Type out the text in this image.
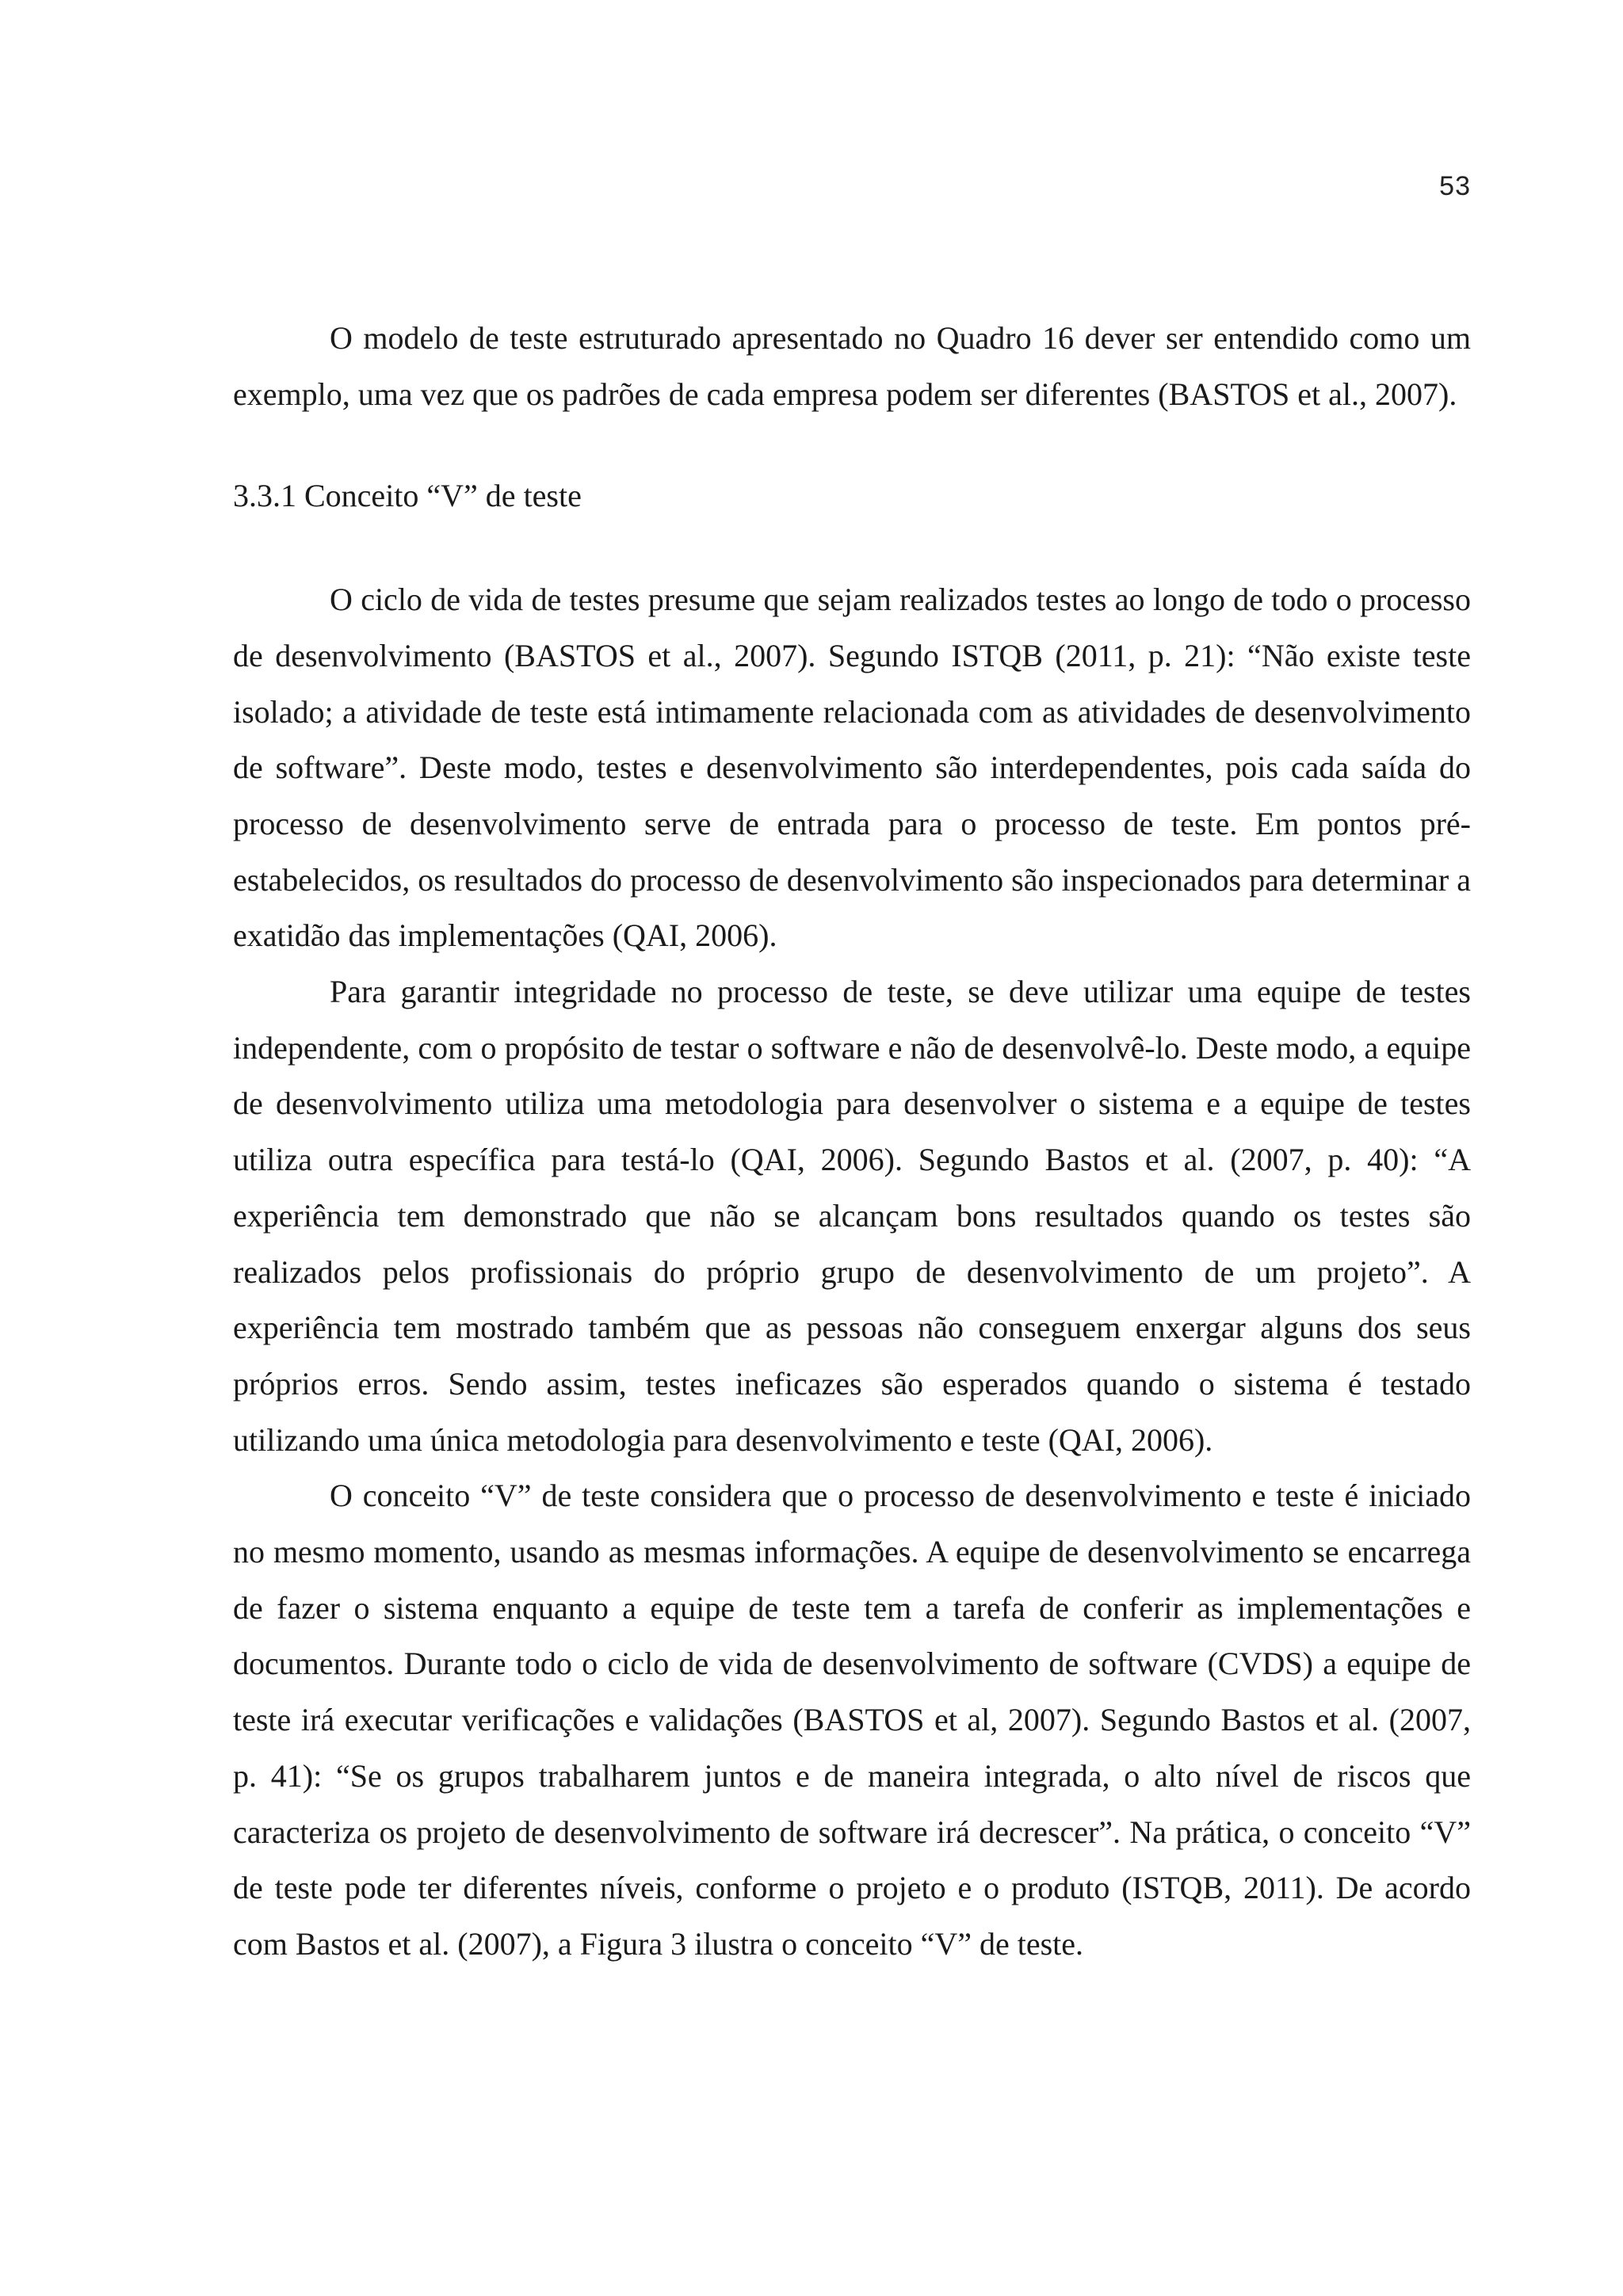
53

O modelo de teste estruturado apresentado no Quadro 16 dever ser entendido como um exemplo, uma vez que os padrões de cada empresa podem ser diferentes (BASTOS et al., 2007).

3.3.1 Conceito “V” de teste

O ciclo de vida de testes presume que sejam realizados testes ao longo de todo o processo de desenvolvimento (BASTOS et al., 2007). Segundo ISTQB (2011, p. 21): “Não existe teste isolado; a atividade de teste está intimamente relacionada com as atividades de desenvolvimento de software”. Deste modo, testes e desenvolvimento são interdependentes, pois cada saída do processo de desenvolvimento serve de entrada para o processo de teste. Em pontos pré-estabelecidos, os resultados do processo de desenvolvimento são inspecionados para determinar a exatidão das implementações (QAI, 2006).

Para garantir integridade no processo de teste, se deve utilizar uma equipe de testes independente, com o propósito de testar o software e não de desenvolvê-lo. Deste modo, a equipe de desenvolvimento utiliza uma metodologia para desenvolver o sistema e a equipe de testes utiliza outra específica para testá-lo (QAI, 2006). Segundo Bastos et al. (2007, p. 40): “A experiência tem demonstrado que não se alcançam bons resultados quando os testes são realizados pelos profissionais do próprio grupo de desenvolvimento de um projeto”. A experiência tem mostrado também que as pessoas não conseguem enxergar alguns dos seus próprios erros. Sendo assim, testes ineficazes são esperados quando o sistema é testado utilizando uma única metodologia para desenvolvimento e teste (QAI, 2006).

O conceito “V” de teste considera que o processo de desenvolvimento e teste é iniciado no mesmo momento, usando as mesmas informações. A equipe de desenvolvimento se encarrega de fazer o sistema enquanto a equipe de teste tem a tarefa de conferir as implementações e documentos. Durante todo o ciclo de vida de desenvolvimento de software (CVDS) a equipe de teste irá executar verificações e validações (BASTOS et al, 2007). Segundo Bastos et al. (2007, p. 41): “Se os grupos trabalharem juntos e de maneira integrada, o alto nível de riscos que caracteriza os projeto de desenvolvimento de software irá decrescer”. Na prática, o conceito “V” de teste pode ter diferentes níveis, conforme o projeto e o produto (ISTQB, 2011). De acordo com Bastos et al. (2007), a Figura 3 ilustra o conceito “V” de teste.
